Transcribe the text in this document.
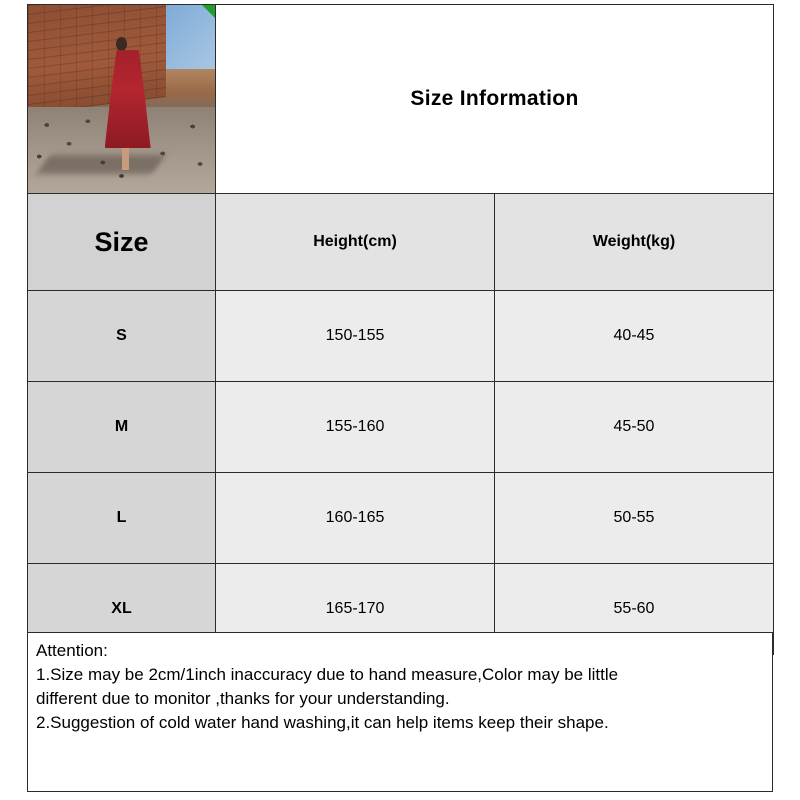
	Size Information	
Size	Height(cm)	Weight(kg)
S	150-155	40-45
M	155-160	45-50
L	160-165	50-55
XL	165-170	55-60
Attention:
1.Size may be 2cm/1inch inaccuracy due to hand measure,Color may be little
different due to monitor ,thanks for your understanding.
2.Suggestion of cold water hand washing,it can help items keep their shape.
